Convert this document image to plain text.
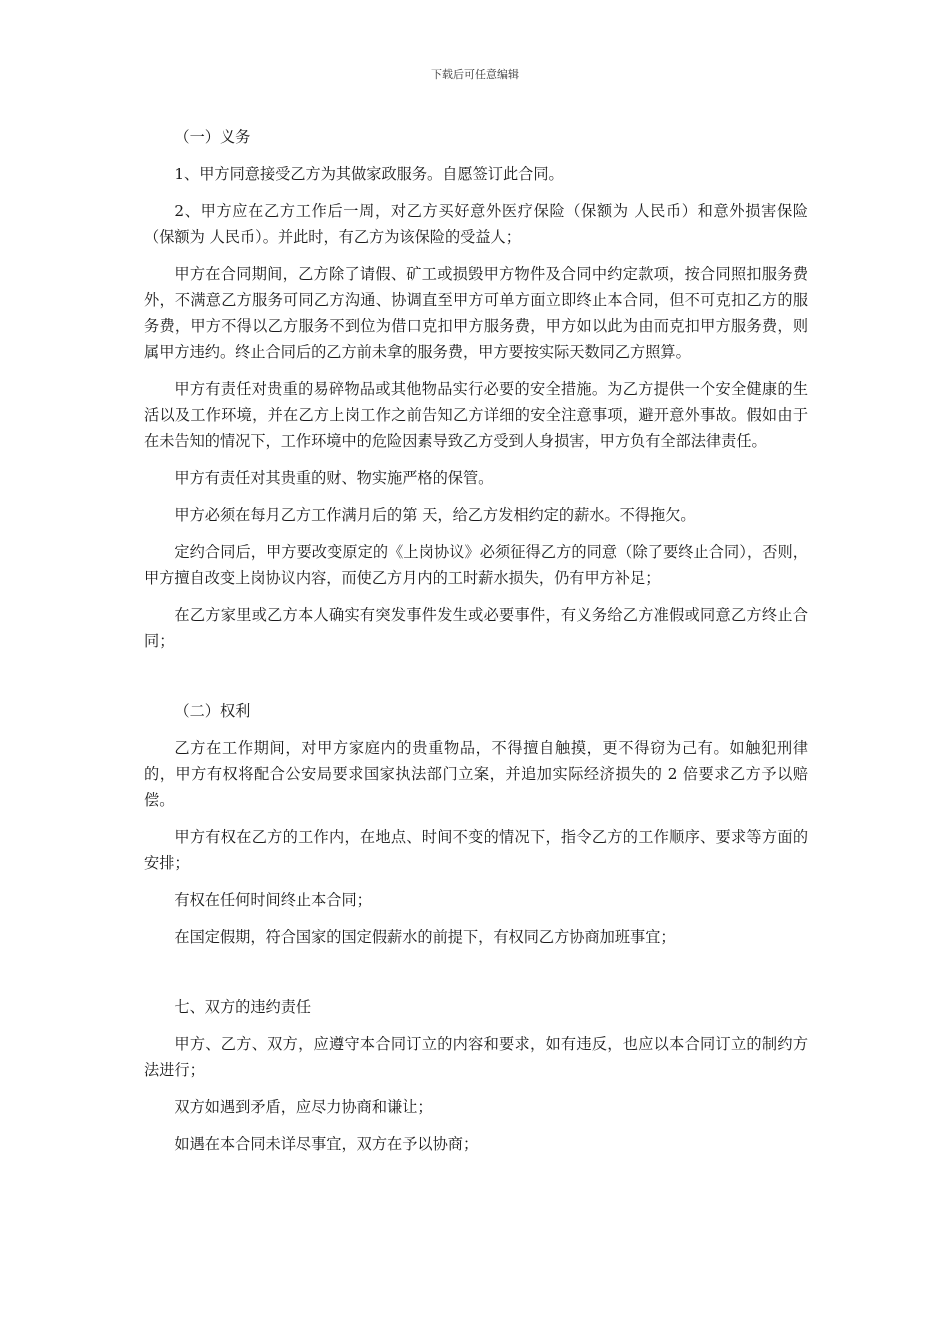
下载后可任意编辑

（一）义务

1、甲方同意接受乙方为其做家政服务。自愿签订此合同。

2、甲方应在乙方工作后一周，对乙方买好意外医疗保险（保额为 人民币）和意外损害保险（保额为 人民币）。并此时，有乙方为该保险的受益人；

甲方在合同期间，乙方除了请假、矿工或损毁甲方物件及合同中约定款项，按合同照扣服务费外，不满意乙方服务可同乙方沟通、协调直至甲方可单方面立即终止本合同，但不可克扣乙方的服务费，甲方不得以乙方服务不到位为借口克扣甲方服务费，甲方如以此为由而克扣甲方服务费，则属甲方违约。终止合同后的乙方前未拿的服务费，甲方要按实际天数同乙方照算。

甲方有责任对贵重的易碎物品或其他物品实行必要的安全措施。为乙方提供一个安全健康的生活以及工作环境，并在乙方上岗工作之前告知乙方详细的安全注意事项，避开意外事故。假如由于在未告知的情况下，工作环境中的危险因素导致乙方受到人身损害，甲方负有全部法律责任。

甲方有责任对其贵重的财、物实施严格的保管。

甲方必须在每月乙方工作满月后的第 天，给乙方发相约定的薪水。不得拖欠。

定约合同后，甲方要改变原定的《上岗协议》必须征得乙方的同意（除了要终止合同），否则，甲方擅自改变上岗协议内容，而使乙方月内的工时薪水损失，仍有甲方补足；

在乙方家里或乙方本人确实有突发事件发生或必要事件，有义务给乙方准假或同意乙方终止合同；

（二）权利

乙方在工作期间，对甲方家庭内的贵重物品，不得擅自触摸，更不得窃为己有。如触犯刑律的，甲方有权将配合公安局要求国家执法部门立案，并追加实际经济损失的 2 倍要求乙方予以赔偿。

甲方有权在乙方的工作内，在地点、时间不变的情况下，指令乙方的工作顺序、要求等方面的安排；

有权在任何时间终止本合同；

在国定假期，符合国家的国定假薪水的前提下，有权同乙方协商加班事宜；

七、双方的违约责任

甲方、乙方、双方，应遵守本合同订立的内容和要求，如有违反，也应以本合同订立的制约方法进行；

双方如遇到矛盾，应尽力协商和谦让；

如遇在本合同未详尽事宜，双方在予以协商；
